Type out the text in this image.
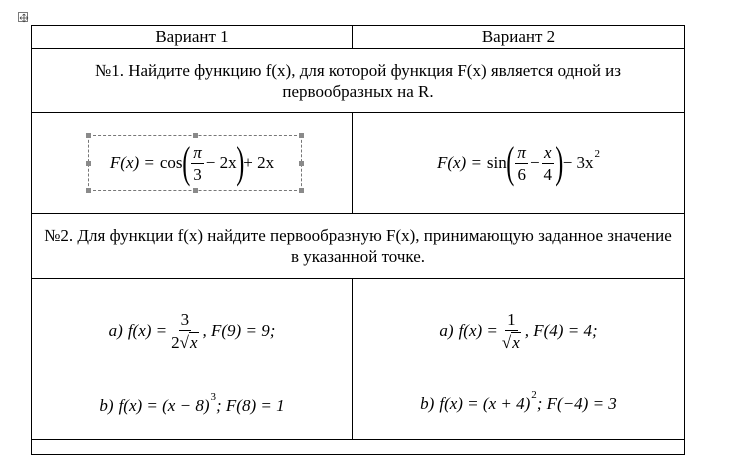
Вариант 1	Вариант 2
№1. Найдите функцию f(x), для которой функция F(x) является одной из первообразных на R.
F(x) = cos ( $\frac{\pi}{3} - 2x$ ) + 2x	F(x) = sin ( $\frac{\pi}{6} - \frac{x}{4}$ ) − 3x 2
№2. Для функции f(x) найдите первообразную F(x), принимающую заданное значение в указанной точке.
а) $f(x) = \frac{3}{2 √ x}$ , F(9) = 9;
b) f(x) = (x − 8) 3 ; F(8) = 1
а) $f(x) = \frac{1}{√ x}$ , F(4) = 4;
b) f(x) = (x + 4) 2 ; F(−4) = 3
